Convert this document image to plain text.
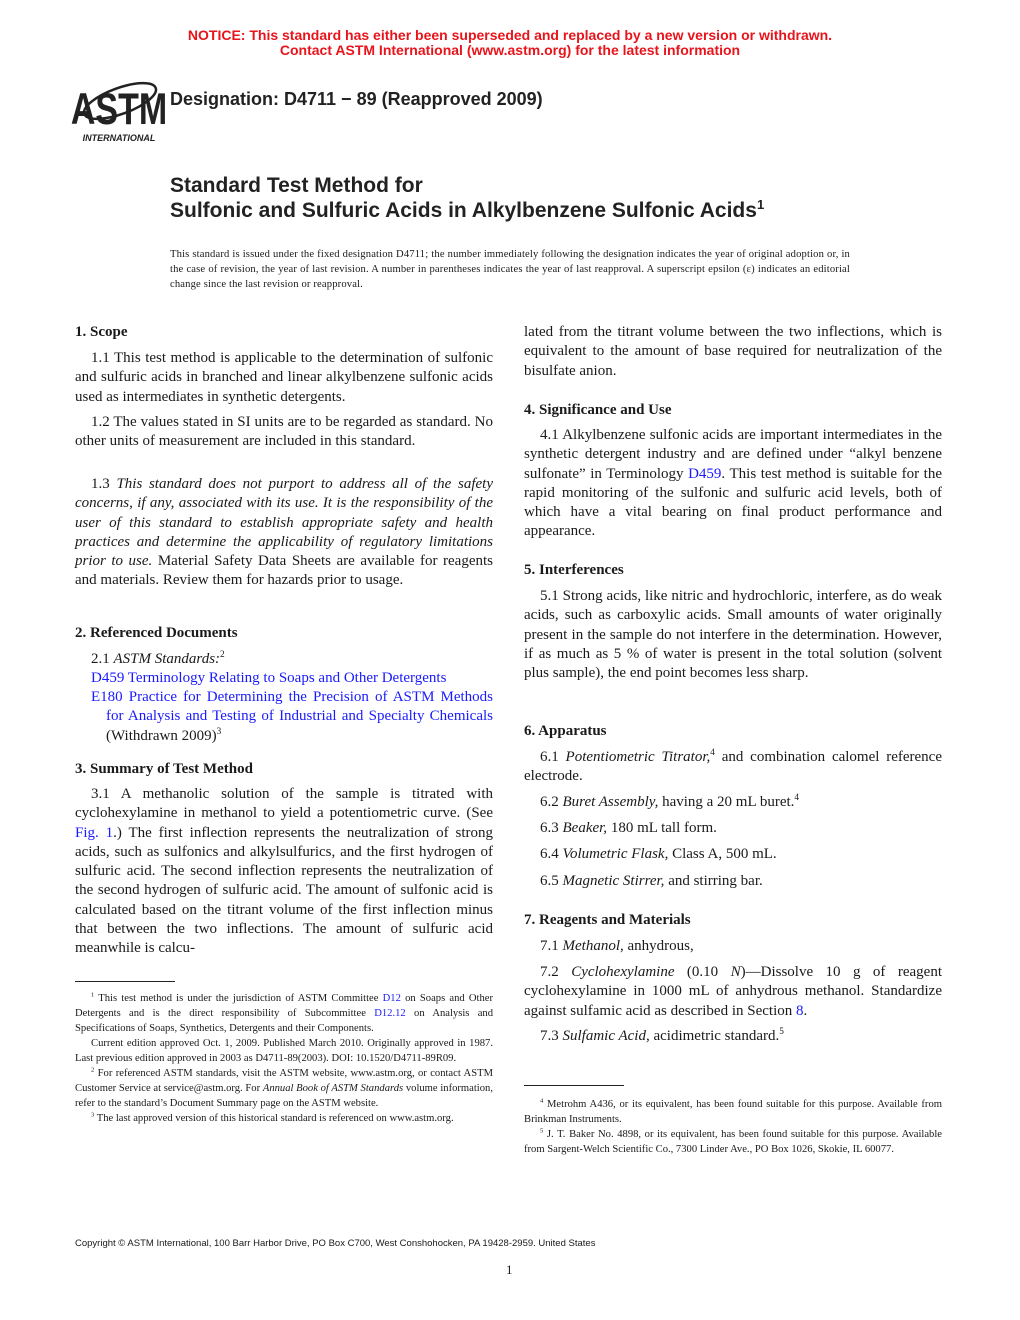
NOTICE: This standard has either been superseded and replaced by a new version or withdrawn.
Contact ASTM International (www.astm.org) for the latest information
ASTM
INTERNATIONAL
Designation: D4711 − 89 (Reapproved 2009)
Standard Test Method for
Sulfonic and Sulfuric Acids in Alkylbenzene Sulfonic Acids$^1$
This standard is issued under the fixed designation D4711; the number immediately following the designation indicates the year of original adoption or, in the case of revision, the year of last revision. A number in parentheses indicates the year of last reapproval. A superscript epsilon (ε) indicates an editorial change since the last revision or reapproval.
1. Scope
1.1 This test method is applicable to the determination of sulfonic and sulfuric acids in branched and linear alkylbenzene sulfonic acids used as intermediates in synthetic detergents.
1.2 The values stated in SI units are to be regarded as standard. No other units of measurement are included in this standard.
1.3 This standard does not purport to address all of the safety concerns, if any, associated with its use. It is the responsibility of the user of this standard to establish appropriate safety and health practices and determine the applicability of regulatory limitations prior to use. Material Safety Data Sheets are available for reagents and materials. Review them for hazards prior to usage.
2. Referenced Documents
2.1 ASTM Standards:$^2$
D459 Terminology Relating to Soaps and Other Detergents
E180 Practice for Determining the Precision of ASTM Methods for Analysis and Testing of Industrial and Specialty Chemicals (Withdrawn 2009)$^3$
3. Summary of Test Method
3.1 A methanolic solution of the sample is titrated with cyclohexylamine in methanol to yield a potentiometric curve. (See Fig. 1.) The first inflection represents the neutralization of strong acids, such as sulfonics and alkylsulfurics, and the first hydrogen of sulfuric acid. The second inflection represents the neutralization of the second hydrogen of sulfuric acid. The amount of sulfonic acid is calculated based on the titrant volume of the first inflection minus that between the two inflections. The amount of sulfuric acid meanwhile is calcu-
lated from the titrant volume between the two inflections, which is equivalent to the amount of base required for neutralization of the bisulfate anion.
4. Significance and Use
4.1 Alkylbenzene sulfonic acids are important intermediates in the synthetic detergent industry and are defined under “alkyl benzene sulfonate” in Terminology D459. This test method is suitable for the rapid monitoring of the sulfonic and sulfuric acid levels, both of which have a vital bearing on final product performance and appearance.
5. Interferences
5.1 Strong acids, like nitric and hydrochloric, interfere, as do weak acids, such as carboxylic acids. Small amounts of water originally present in the sample do not interfere in the determination. However, if as much as 5 % of water is present in the total solution (solvent plus sample), the end point becomes less sharp.
6. Apparatus
6.1 Potentiometric Titrator,$^4$ and combination calomel reference electrode.
6.2 Buret Assembly, having a 20 mL buret.$^4$
6.3 Beaker, 180 mL tall form.
6.4 Volumetric Flask, Class A, 500 mL.
6.5 Magnetic Stirrer, and stirring bar.
7. Reagents and Materials
7.1 Methanol, anhydrous,
7.2 Cyclohexylamine (0.10 N)—Dissolve 10 g of reagent cyclohexylamine in 1000 mL of anhydrous methanol. Standardize against sulfamic acid as described in Section 8.
7.3 Sulfamic Acid, acidimetric standard.$^5$

$^1$ This test method is under the jurisdiction of ASTM Committee D12 on Soaps and Other Detergents and is the direct responsibility of Subcommittee D12.12 on Analysis and Specifications of Soaps, Synthetics, Detergents and their Components.

Current edition approved Oct. 1, 2009. Published March 2010. Originally approved in 1987. Last previous edition approved in 2003 as D4711-89(2003). DOI: 10.1520/D4711-89R09.

$^2$ For referenced ASTM standards, visit the ASTM website, www.astm.org, or contact ASTM Customer Service at service@astm.org. For Annual Book of ASTM Standards volume information, refer to the standard’s Document Summary page on the ASTM website.

$^3$ The last approved version of this historical standard is referenced on www.astm.org.

$^4$ Metrohm A436, or its equivalent, has been found suitable for this purpose. Available from Brinkman Instruments.

$^5$ J. T. Baker No. 4898, or its equivalent, has been found suitable for this purpose. Available from Sargent-Welch Scientific Co., 7300 Linder Ave., PO Box 1026, Skokie, IL 60077.

Copyright © ASTM International, 100 Barr Harbor Drive, PO Box C700, West Conshohocken, PA 19428-2959. United States
1
